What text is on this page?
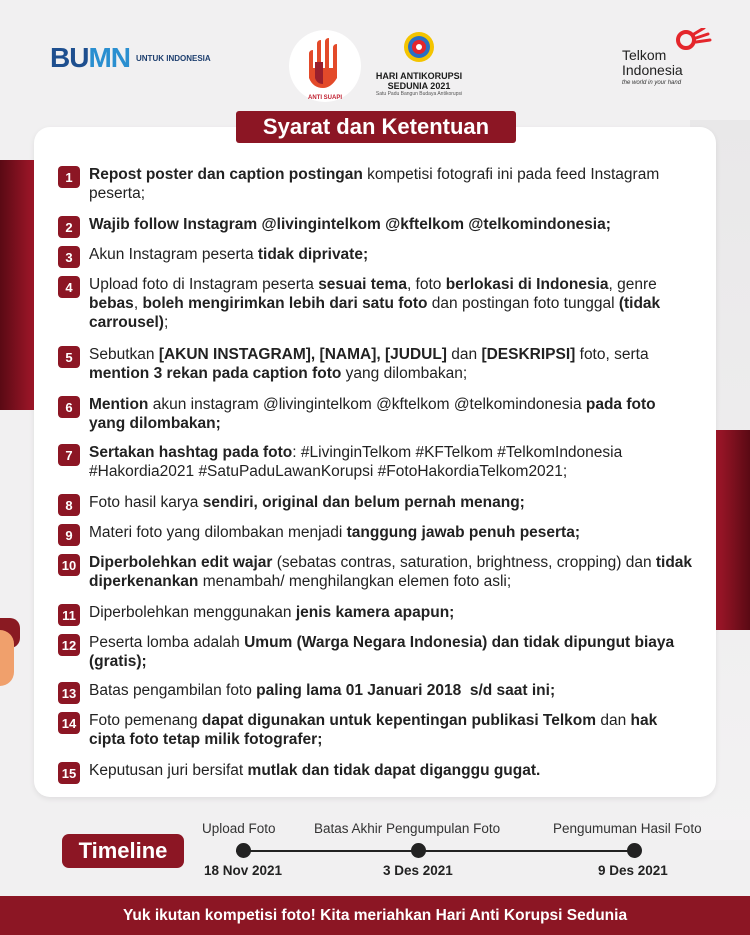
BUMN UNTUK INDONESIA
ANTI SUAPI
HARI ANTIKORUPSI SEDUNIA 2021
Satu Padu Bangun Budaya Antikorupsi
Telkom Indonesia
the world in your hand
Syarat dan Ketentuan
1	Repost poster dan caption postingan kompetisi fotografi ini pada feed Instagram peserta;
2	Wajib follow Instagram @livingintelkom @kftelkom @telkomindonesia;
3	Akun Instagram peserta tidak diprivate;
4	Upload foto di Instagram peserta sesuai tema, foto berlokasi di Indonesia, genre bebas, boleh mengirimkan lebih dari satu foto dan postingan foto tunggal (tidak carrousel);
5	Sebutkan [AKUN INSTAGRAM], [NAMA], [JUDUL] dan [DESKRIPSI] foto, serta mention 3 rekan pada caption foto yang dilombakan;
6	Mention akun instagram @livingintelkom @kftelkom @telkomindonesia pada foto yang dilombakan;
7	Sertakan hashtag pada foto: #LivinginTelkom #KFTelkom #TelkomIndonesia #Hakordia2021 #SatuPaduLawanKorupsi #FotoHakordiaTelkom2021;
8	Foto hasil karya sendiri, original dan belum pernah menang;
9	Materi foto yang dilombakan menjadi tanggung jawab penuh peserta;
10 Diperbolehkan edit wajar (sebatas contras, saturation, brightness, cropping) dan tidak diperkenankan menambah/ menghilangkan elemen foto asli;
11 Diperbolehkan menggunakan jenis kamera apapun;
12 Peserta lomba adalah Umum (Warga Negara Indonesia) dan tidak dipungut biaya (gratis);
13 Batas pengambilan foto paling lama 01 Januari 2018  s/d saat ini;
14 Foto pemenang dapat digunakan untuk kepentingan publikasi Telkom dan hak cipta foto tetap milik fotografer;
15 Keputusan juri bersifat mutlak dan tidak dapat diganggu gugat.
Timeline
Upload Foto	Batas Akhir Pengumpulan Foto	Pengumuman Hasil Foto
18 Nov 2021	3 Des 2021	9 Des 2021
Yuk ikutan kompetisi foto! Kita meriahkan Hari Anti Korupsi Sedunia
